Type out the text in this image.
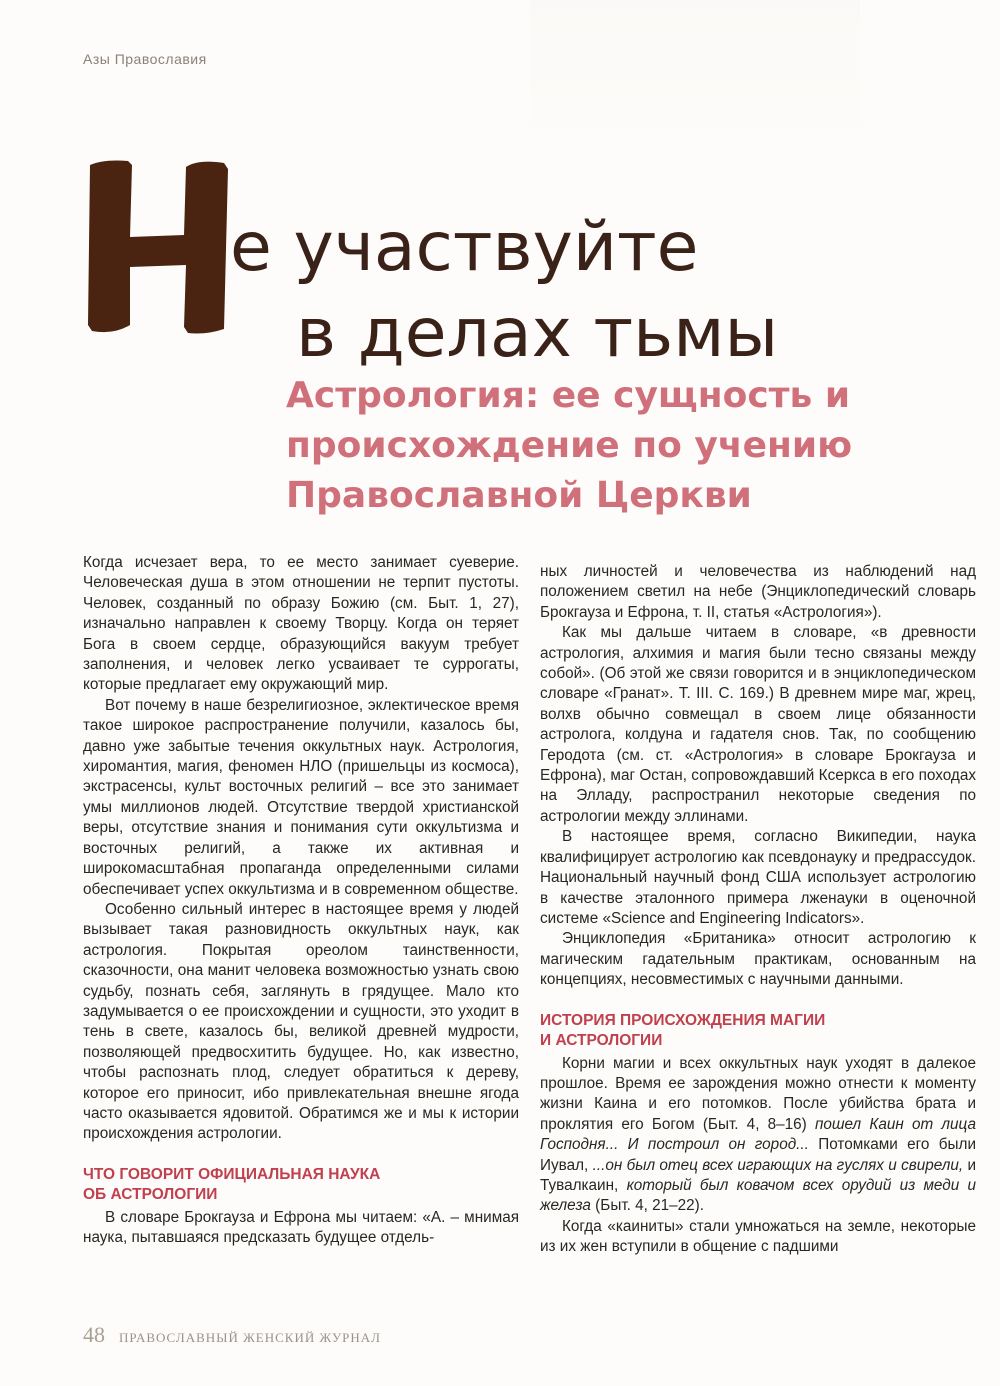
Азы Православия
е участвуйте
в делах тьмы
Астрология: ее сущность и
происхождение по учению
Православной Церкви

Когда исчезает вера, то ее место занимает суеверие. Человеческая душа в этом отношении не терпит пустоты. Человек, созданный по образу Божию (см. Быт. 1, 27), изначально направлен к своему Творцу. Когда он теряет Бога в своем сердце, образующийся вакуум требует заполнения, и человек легко усваивает те суррогаты, которые предлагает ему окружающий мир.

Вот почему в наше безрелигиозное, эклектическое время такое широкое распространение получили, казалось бы, давно уже забытые течения оккультных наук. Астрология, хиромантия, магия, феномен НЛО (пришельцы из космоса), экстрасенсы, культ восточных религий – все это занимает умы миллионов людей. Отсутствие твердой христианской веры, отсутствие знания и понимания сути оккультизма и восточных религий, а также их активная и широкомасштабная пропаганда определенными силами обеспечивает успех оккультизма и в современном обществе.

Особенно сильный интерес в настоящее время у людей вызывает такая разновидность оккультных наук, как астрология. Покрытая ореолом таинственности, сказочности, она манит человека возможностью узнать свою судьбу, познать себя, заглянуть в грядущее. Мало кто задумывается о ее происхождении и сущности, это уходит в тень в свете, казалось бы, великой древней мудрости, позволяющей предвосхитить будущее. Но, как известно, чтобы распознать плод, следует обратиться к дереву, которое его приносит, ибо привлекательная внешне ягода часто оказывается ядовитой. Обратимся же и мы к истории происхождения астрологии.

ЧТО ГОВОРИТ ОФИЦИАЛЬНАЯ НАУКА
ОБ АСТРОЛОГИИ

В словаре Брокгауза и Ефрона мы читаем: «А. – мнимая наука, пытавшаяся предсказать будущее отдель-

ных личностей и человечества из наблюдений над положением светил на небе (Энциклопедический словарь Брокгауза и Ефрона, т. II, статья «Астрология»).

Как мы дальше читаем в словаре, «в древности астрология, алхимия и магия были тесно связаны между собой». (Об этой же связи говорится и в энциклопедическом словаре «Гранат». Т. III. С. 169.) В древнем мире маг, жрец, волхв обычно совмещал в своем лице обязанности астролога, колдуна и гадателя снов. Так, по сообщению Геродота (см. ст. «Астрология» в словаре Брокгауза и Ефрона), маг Остан, сопровождавший Ксеркса в его походах на Элладу, распространил некоторые сведения по астрологии между эллинами.

В настоящее время, согласно Википедии, наука квалифицирует астрологию как псевдонауку и предрассудок. Национальный научный фонд США использует астрологию в качестве эталонного примера лженауки в оценочной системе «Science and Engineering Indicators».

Энциклопедия «Британика» относит астрологию к магическим гадательным практикам, основанным на концепциях, несовместимых с научными данными.

ИСТОРИЯ ПРОИСХОЖДЕНИЯ МАГИИ
И АСТРОЛОГИИ

Корни магии и всех оккультных наук уходят в далекое прошлое. Время ее зарождения можно отнести к моменту жизни Каина и его потомков. После убийства брата и проклятия его Богом (Быт. 4, 8–16) пошел Каин от лица Господня... И построил он город... Потомками его были Иувал, ...он был отец всех играющих на гуслях и свирели, и Тувалкаин, который был ковачом всех орудий из меди и железа (Быт. 4, 21–22).

Когда «каиниты» стали умножаться на земле, некоторые из их жен вступили в общение с падшими

48 ПРАВОСЛАВНЫЙ ЖЕНСКИЙ ЖУРНАЛ
